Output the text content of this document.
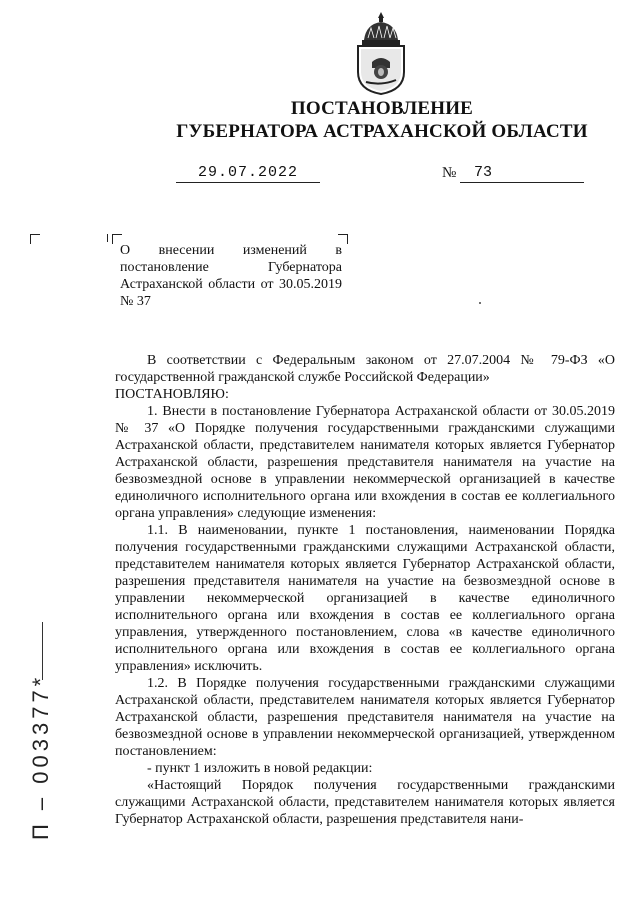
ПОСТАНОВЛЕНИЕ
ГУБЕРНАТОРА АСТРАХАНСКОЙ ОБЛАСТИ
29.07.2022	№	73
О внесении изменений в постановление Губернатора Астраханской области от 30.05.2019 № 37

В соответствии с Федеральным законом от 27.07.2004 № 79-ФЗ «О государственной гражданской службе Российской Федерации»

ПОСТАНОВЛЯЮ:

1. Внести в постановление Губернатора Астраханской области от 30.05.2019 № 37 «О Порядке получения государственными гражданскими служащими Астраханской области, представителем нанимателя которых является Губернатор Астраханской области, разрешения представителя нанимателя на участие на безвозмездной основе в управлении некоммерческой организацией в качестве единоличного исполнительного органа или вхождения в состав ее коллегиального органа управления» следующие изменения:

1.1. В наименовании, пункте 1 постановления, наименовании Порядка получения государственными гражданскими служащими Астраханской области, представителем нанимателя которых является Губернатор Астраханской области, разрешения представителя нанимателя на участие на безвозмездной основе в управлении некоммерческой организацией в качестве единоличного исполнительного органа или вхождения в состав ее коллегиального органа управления, утвержденного постановлением, слова «в качестве единоличного исполнительного органа или вхождения в состав ее коллегиального органа управления» исключить.

1.2. В Порядке получения государственными гражданскими служащими Астраханской области, представителем нанимателя которых является Губернатор Астраханской области, разрешения представителя нанимателя на участие на безвозмездной основе в управлении некоммерческой организацией, утвержденном постановлением:

- пункт 1 изложить в новой редакции:

«Настоящий Порядок получения государственными гражданскими служащими Астраханской области, представителем нанимателя которых является Губернатор Астраханской области, разрешения представителя нани-

П – 003377*
